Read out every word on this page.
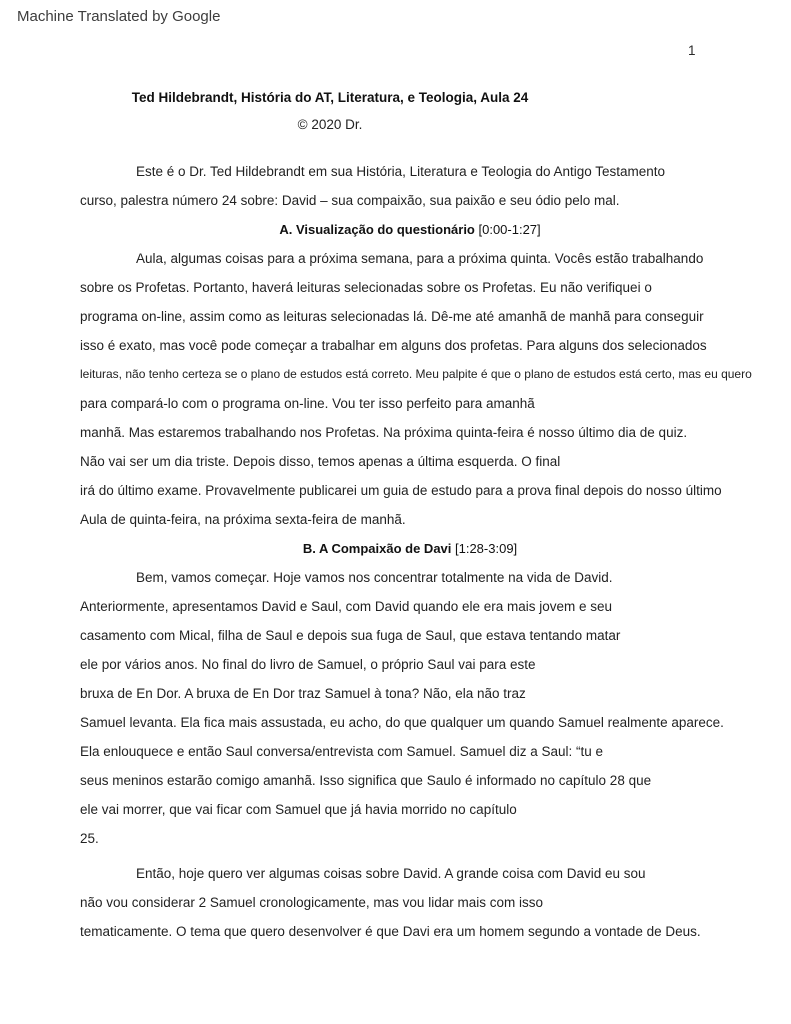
Machine Translated by Google
1
Ted Hildebrandt, História do AT, Literatura, e Teologia, Aula 24
© 2020 Dr.
Este é o Dr. Ted Hildebrandt em sua História, Literatura e Teologia do Antigo Testamento
curso, palestra número 24 sobre: David – sua compaixão, sua paixão e seu ódio pelo mal.
A. Visualização do questionário [0:00-1:27]
Aula, algumas coisas para a próxima semana, para a próxima quinta. Vocês estão trabalhando
sobre os Profetas. Portanto, haverá leituras selecionadas sobre os Profetas. Eu não verifiquei o
programa on-line, assim como as leituras selecionadas lá. Dê-me até amanhã de manhã para conseguir
isso é exato, mas você pode começar a trabalhar em alguns dos profetas. Para alguns dos selecionados
leituras, não tenho certeza se o plano de estudos está correto. Meu palpite é que o plano de estudos está certo, mas eu quero
para compará-lo com o programa on-line. Vou ter isso perfeito para amanhã
manhã. Mas estaremos trabalhando nos Profetas. Na próxima quinta-feira é nosso último dia de quiz.
Não vai ser um dia triste. Depois disso, temos apenas a última esquerda. O final
irá do último exame. Provavelmente publicarei um guia de estudo para a prova final depois do nosso último
Aula de quinta-feira, na próxima sexta-feira de manhã.
B. A Compaixão de Davi [1:28-3:09]
Bem, vamos começar. Hoje vamos nos concentrar totalmente na vida de David.
Anteriormente, apresentamos David e Saul, com David quando ele era mais jovem e seu
casamento com Mical, filha de Saul e depois sua fuga de Saul, que estava tentando matar
ele por vários anos. No final do livro de Samuel, o próprio Saul vai para este
bruxa de En Dor. A bruxa de En Dor traz Samuel à tona? Não, ela não traz
Samuel levanta. Ela fica mais assustada, eu acho, do que qualquer um quando Samuel realmente aparece.
Ela enlouquece e então Saul conversa/entrevista com Samuel. Samuel diz a Saul: “tu e
seus meninos estarão comigo amanhã. Isso significa que Saulo é informado no capítulo 28 que
ele vai morrer, que vai ficar com Samuel que já havia morrido no capítulo
25.
Então, hoje quero ver algumas coisas sobre David. A grande coisa com David eu sou
não vou considerar 2 Samuel cronologicamente, mas vou lidar mais com isso
tematicamente. O tema que quero desenvolver é que Davi era um homem segundo a vontade de Deus.
